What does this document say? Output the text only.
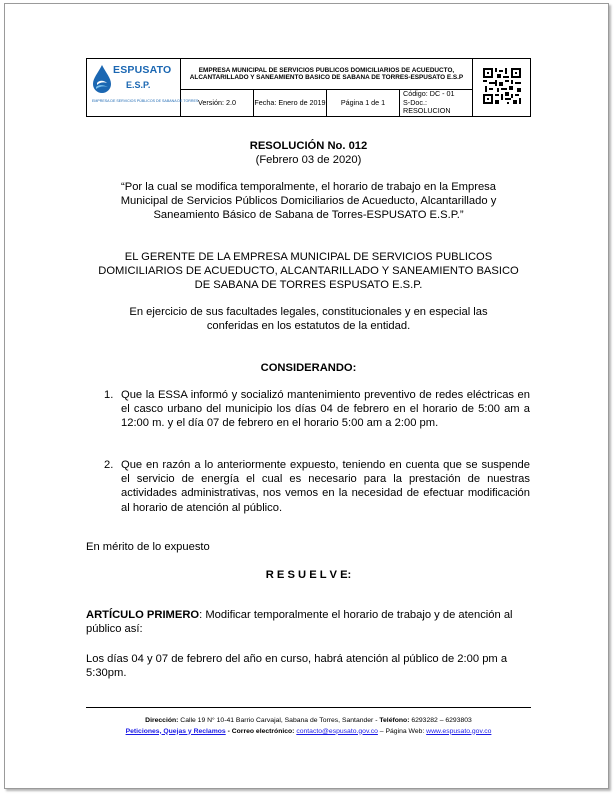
ESPUSATO
E.S.P.
EMPRESA DE SERVICIOS PÚBLICOS DE SABANA DE TORRES	EMPRESA MUNICIPAL DE SERVICIOS PUBLICOS DOMICILIARIOS DE ACUEDUCTO, ALCANTARILLADO Y SANEAMIENTO BASICO DE SABANA DE TORRES-ESPUSATO E.S.P	
	Versión: 2.0	Fecha: Enero de 2019	Página 1 de 1	Código: DC - 01
S-Doc.: RESOLUCION	
RESOLUCIÓN No. 012
(Febrero 03 de 2020)
“Por la cual se modifica temporalmente, el horario de trabajo en la Empresa Municipal de Servicios Públicos Domiciliarios de Acueducto, Alcantarillado y Saneamiento Básico de Sabana de Torres-ESPUSATO E.S.P.”
EL GERENTE DE LA EMPRESA MUNICIPAL DE SERVICIOS PUBLICOS DOMICILIARIOS DE ACUEDUCTO, ALCANTARILLADO Y SANEAMIENTO BASICO DE SABANA DE TORRES ESPUSATO E.S.P.
En ejercicio de sus facultades legales, constitucionales y en especial las conferidas en los estatutos de la entidad.
CONSIDERANDO:
1. Que la ESSA informó y socializó mantenimiento preventivo de redes eléctricas en el casco urbano del municipio los días 04 de febrero en el horario de 5:00 am a 12:00 m. y el día 07 de febrero en el horario 5:00 am a 2:00 pm.
2. Que en razón a lo anteriormente expuesto, teniendo en cuenta que se suspende el servicio de energía el cual es necesario para la prestación de nuestras actividades administrativas, nos vemos en la necesidad de efectuar modificación al horario de atención al público.
En mérito de lo expuesto
R E S U E L V E:
ARTÍCULO PRIMERO: Modificar temporalmente el horario de trabajo y de atención al público así:
Los días 04 y 07 de febrero del año en curso, habrá atención al público de 2:00 pm a 5:30pm.
Dirección: Calle 19 N° 10-41 Barrio Carvajal, Sabana de Torres, Santander - Teléfono: 6293282 – 6293803
Peticiones, Quejas y Reclamos - Correo electrónico: contacto@espusato.gov.co – Página Web: www.espusato.gov.co
